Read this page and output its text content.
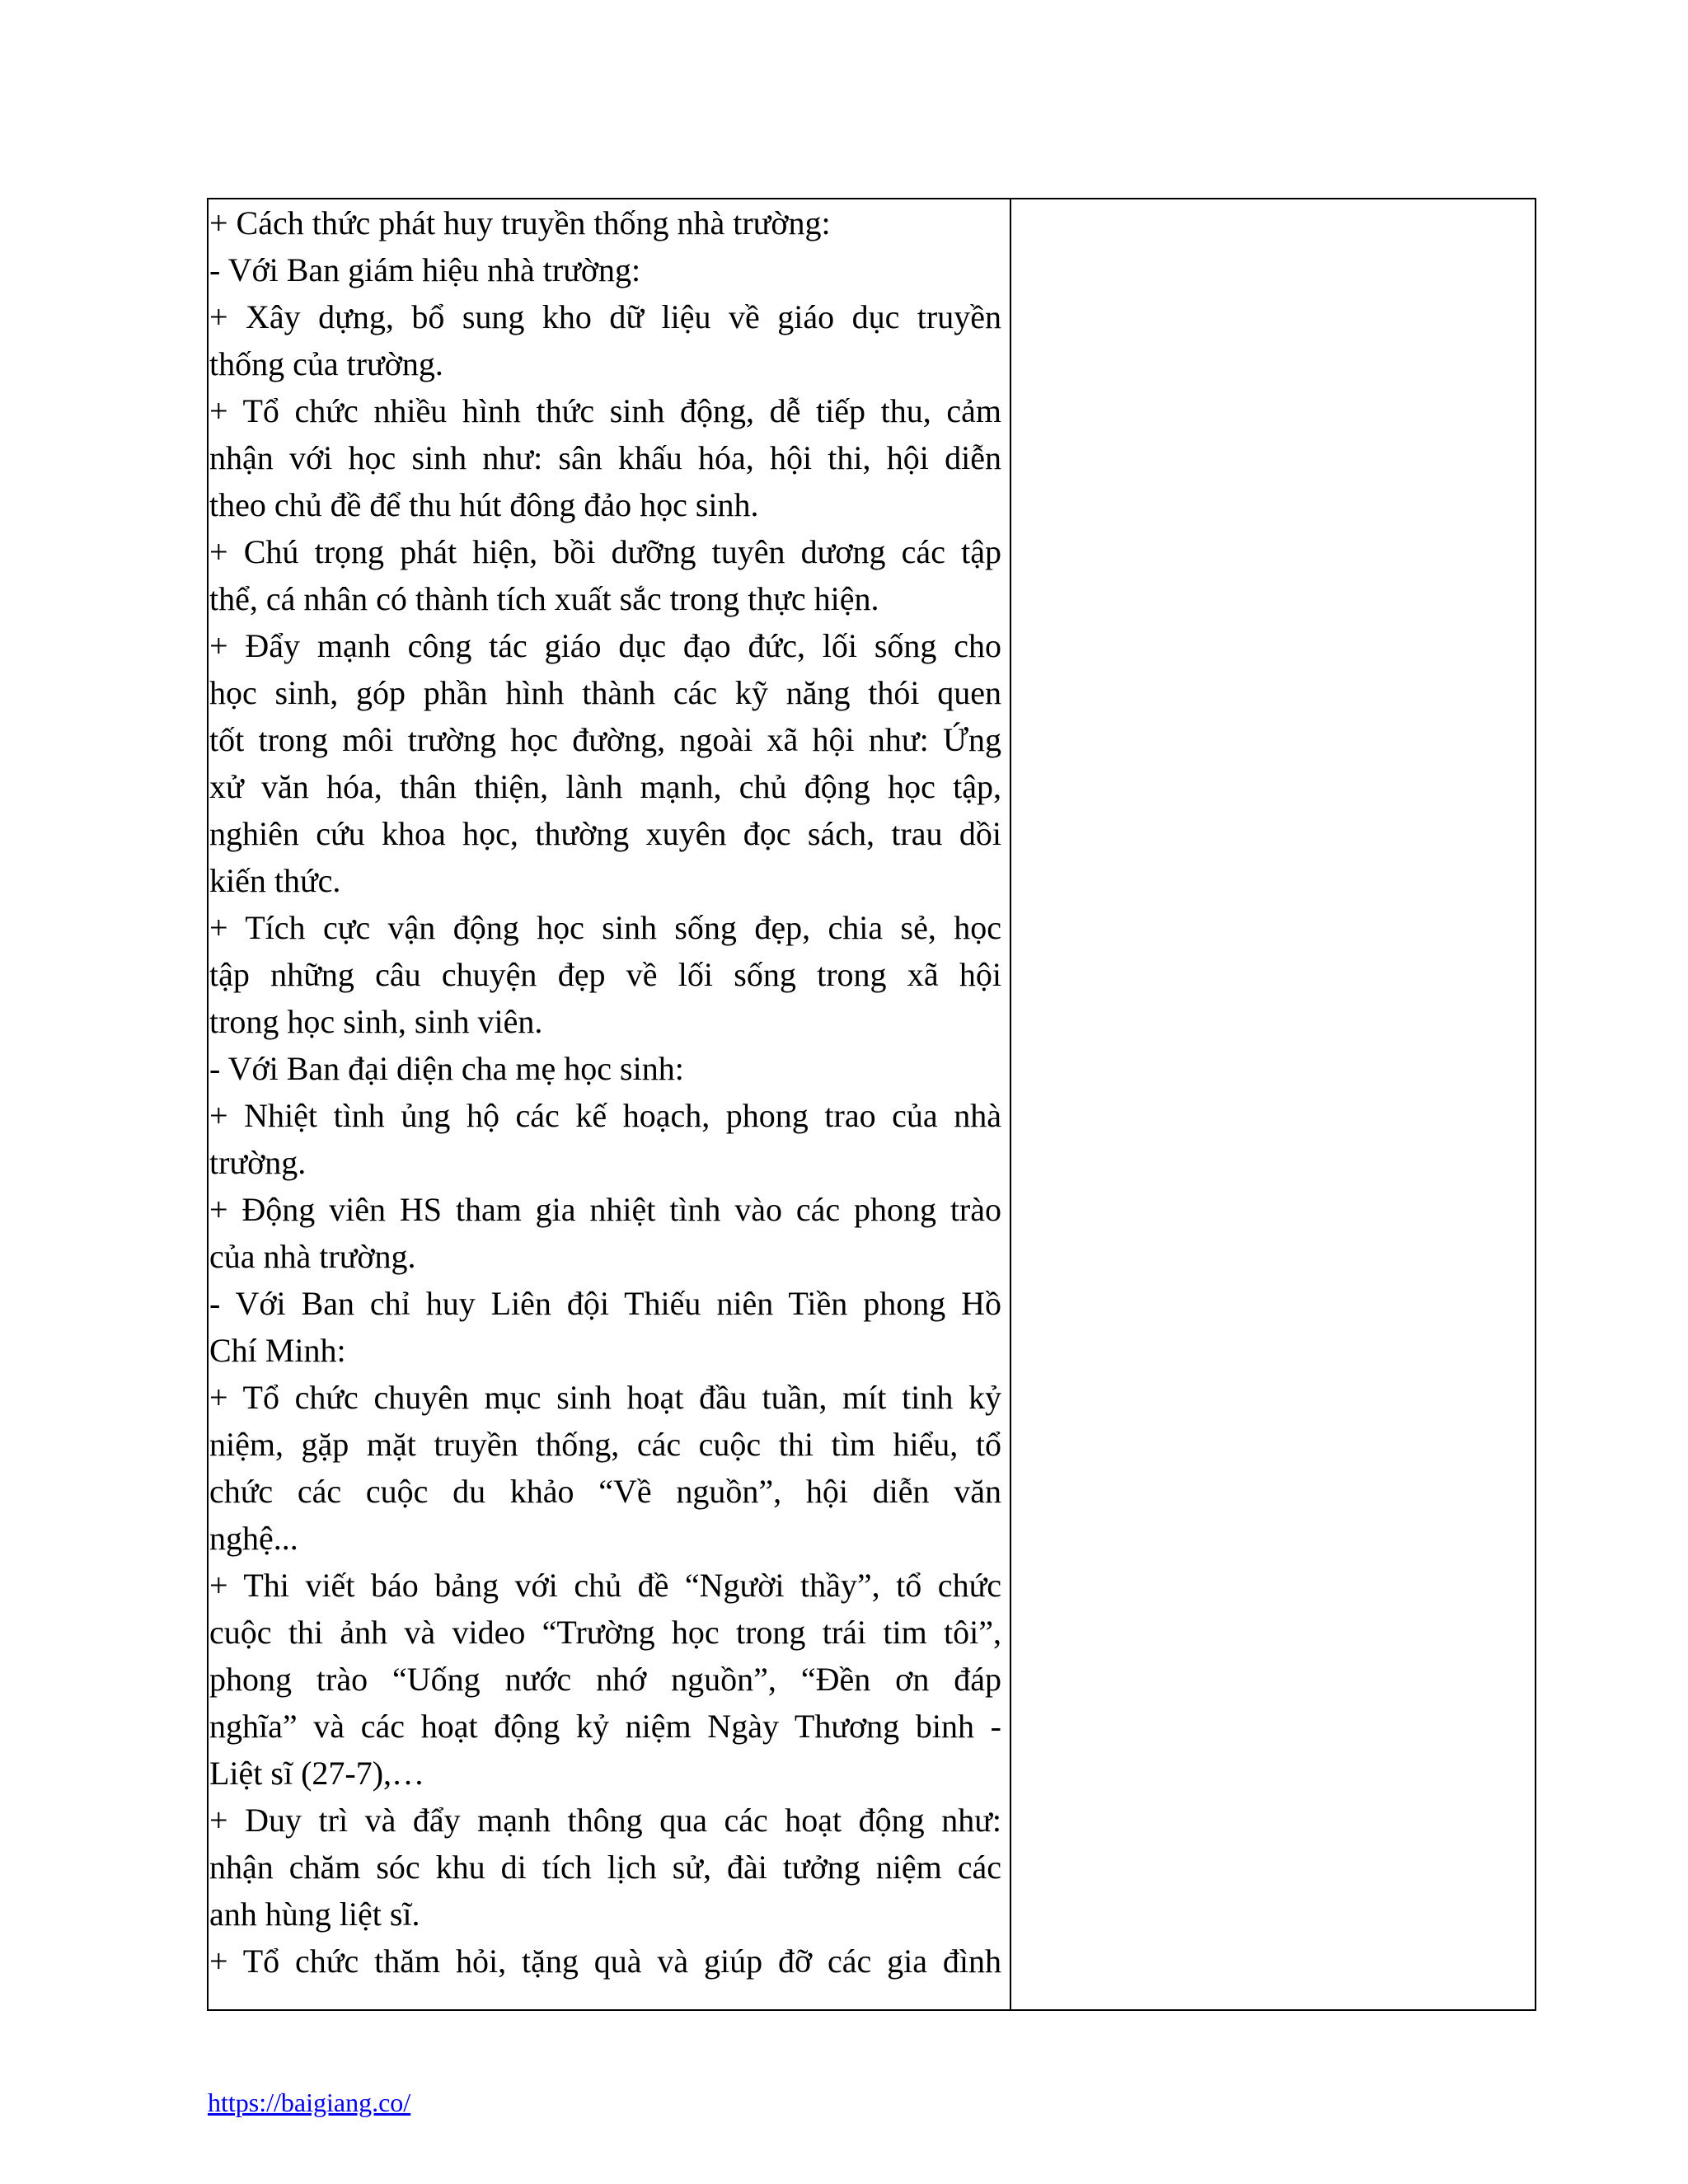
+ Cách thức phát huy truyền thống nhà trường:
- Với Ban giám hiệu nhà trường:
+ Xây dựng, bổ sung kho dữ liệu về giáo dục truyền
thống của trường.
+ Tổ chức nhiều hình thức sinh động, dễ tiếp thu, cảm
nhận với học sinh như: sân khấu hóa, hội thi, hội diễn
theo chủ đề để thu hút đông đảo học sinh.
+ Chú trọng phát hiện, bồi dưỡng tuyên dương các tập
thể, cá nhân có thành tích xuất sắc trong thực hiện.
+ Đẩy mạnh công tác giáo dục đạo đức, lối sống cho
học sinh, góp phần hình thành các kỹ năng thói quen
tốt trong môi trường học đường, ngoài xã hội như: Ứng
xử văn hóa, thân thiện, lành mạnh, chủ động học tập,
nghiên cứu khoa học, thường xuyên đọc sách, trau dồi
kiến thức.
+ Tích cực vận động học sinh sống đẹp, chia sẻ, học
tập những câu chuyện đẹp về lối sống trong xã hội
trong học sinh, sinh viên.
- Với Ban đại diện cha mẹ học sinh:
+ Nhiệt tình ủng hộ các kế hoạch, phong trao của nhà
trường.
+ Động viên HS tham gia nhiệt tình vào các phong trào
của nhà trường.
- Với Ban chỉ huy Liên đội Thiếu niên Tiền phong Hồ
Chí Minh:
+ Tổ chức chuyên mục sinh hoạt đầu tuần, mít tinh kỷ
niệm, gặp mặt truyền thống, các cuộc thi tìm hiểu, tổ
chức các cuộc du khảo “Về nguồn”, hội diễn văn
nghệ...
+ Thi viết báo bảng với chủ đề “Người thầy”, tổ chức
cuộc thi ảnh và video “Trường học trong trái tim tôi”,
phong trào “Uống nước nhớ nguồn”, “Đền ơn đáp
nghĩa” và các hoạt động kỷ niệm Ngày Thương binh -
Liệt sĩ (27-7),…
+ Duy trì và đẩy mạnh thông qua các hoạt động như:
nhận chăm sóc khu di tích lịch sử, đài tưởng niệm các
anh hùng liệt sĩ.
+ Tổ chức thăm hỏi, tặng quà và giúp đỡ các gia đình
https://baigiang.co/
